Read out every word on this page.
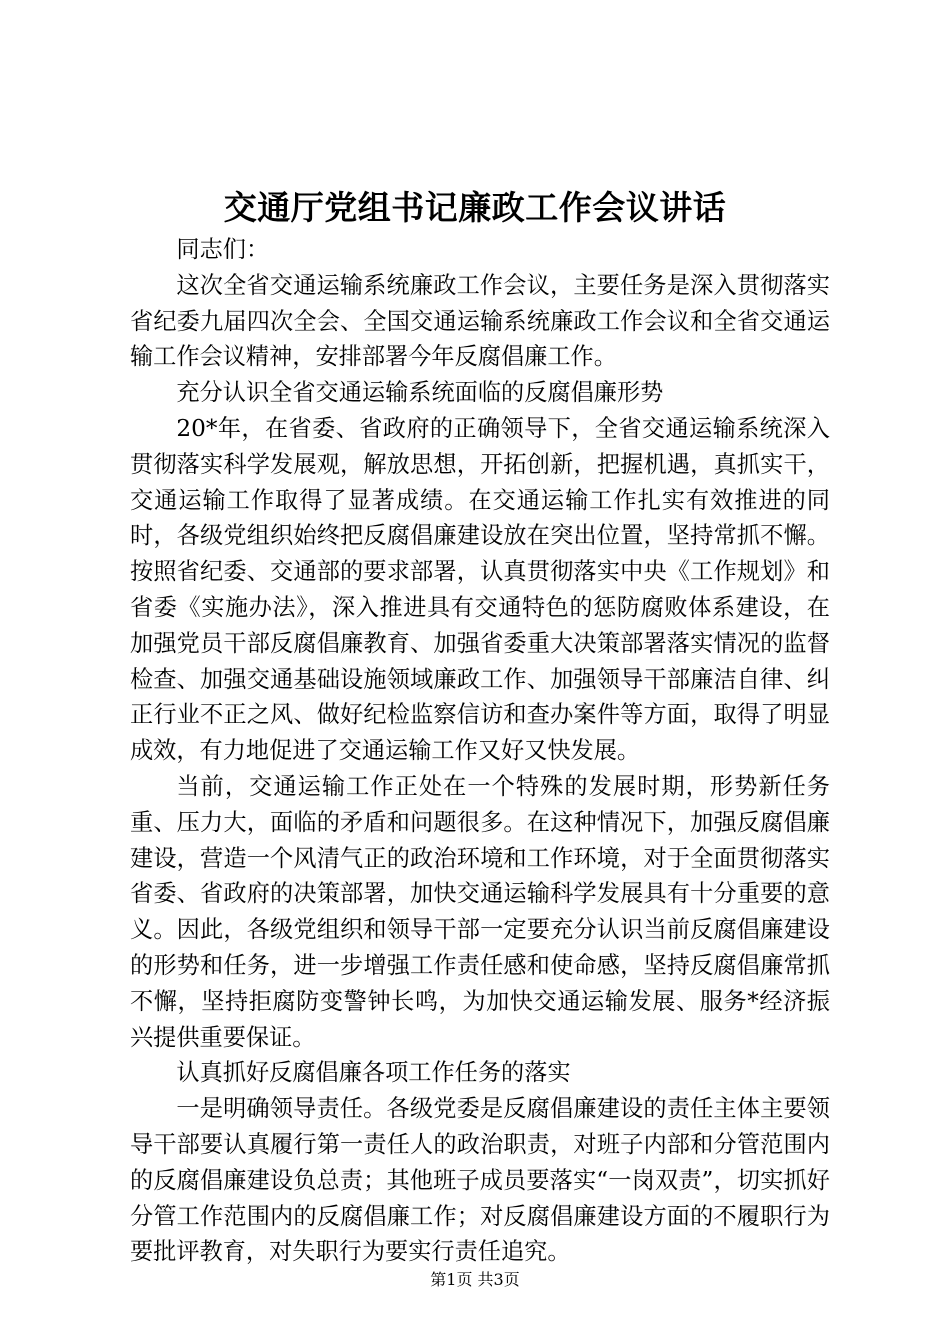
交通厅党组书记廉政工作会议讲话

同志们：

这次全省交通运输系统廉政工作会议，主要任务是深入贯彻落实省纪委九届四次全会、全国交通运输系统廉政工作会议和全省交通运输工作会议精神，安排部署今年反腐倡廉工作。

充分认识全省交通运输系统面临的反腐倡廉形势

20*年，在省委、省政府的正确领导下，全省交通运输系统深入贯彻落实科学发展观，解放思想，开拓创新，把握机遇，真抓实干，交通运输工作取得了显著成绩。在交通运输工作扎实有效推进的同时，各级党组织始终把反腐倡廉建设放在突出位置，坚持常抓不懈。按照省纪委、交通部的要求部署，认真贯彻落实中央《工作规划》和省委《实施办法》，深入推进具有交通特色的惩防腐败体系建设，在加强党员干部反腐倡廉教育、加强省委重大决策部署落实情况的监督检查、加强交通基础设施领域廉政工作、加强领导干部廉洁自律、纠正行业不正之风、做好纪检监察信访和查办案件等方面，取得了明显成效，有力地促进了交通运输工作又好又快发展。

当前，交通运输工作正处在一个特殊的发展时期，形势新任务重、压力大，面临的矛盾和问题很多。在这种情况下，加强反腐倡廉建设，营造一个风清气正的政治环境和工作环境，对于全面贯彻落实省委、省政府的决策部署，加快交通运输科学发展具有十分重要的意义。因此，各级党组织和领导干部一定要充分认识当前反腐倡廉建设的形势和任务，进一步增强工作责任感和使命感，坚持反腐倡廉常抓不懈，坚持拒腐防变警钟长鸣，为加快交通运输发展、服务*经济振兴提供重要保证。

认真抓好反腐倡廉各项工作任务的落实

一是明确领导责任。各级党委是反腐倡廉建设的责任主体主要领导干部要认真履行第一责任人的政治职责，对班子内部和分管范围内的反腐倡廉建设负总责；其他班子成员要落实“一岗双责”，切实抓好分管工作范围内的反腐倡廉工作；对反腐倡廉建设方面的不履职行为要批评教育，对失职行为要实行责任追究。

第1页 共3页
